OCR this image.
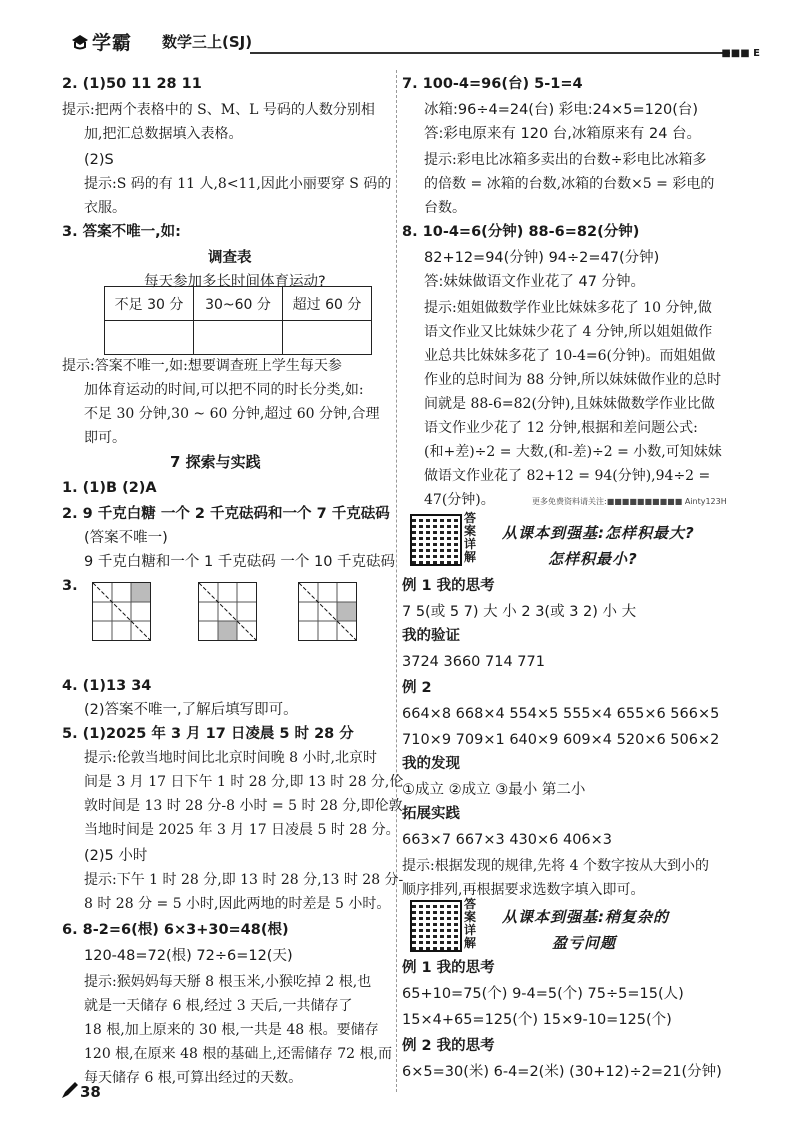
学霸 数学三上(SJ)
■■■ E
2. (1)50 11 28 11
提示:把两个表格中的 S、M、L 号码的人数分别相
加,把汇总数据填入表格。
(2)S
提示:S 码的有 11 人,8<11,因此小丽要穿 S 码的
衣服。
3. 答案不唯一,如:
调查表
每天参加多长时间体育运动?
不足 30 分	30~60 分	超过 60 分

提示:答案不唯一,如:想要调查班上学生每天参
加体育运动的时间,可以把不同的时长分类,如:
不足 30 分钟,30 ~ 60 分钟,超过 60 分钟,合理
即可。
7 探索与实践
1. (1)B (2)A
2. 9 千克白糖 一个 2 千克砝码和一个 7 千克砝码
(答案不唯一)
9 千克白糖和一个 1 千克砝码 一个 10 千克砝码
3.
4. (1)13 34
(2)答案不唯一,了解后填写即可。
5. (1)2025 年 3 月 17 日凌晨 5 时 28 分
提示:伦敦当地时间比北京时间晚 8 小时,北京时
间是 3 月 17 日下午 1 时 28 分,即 13 时 28 分,伦
敦时间是 13 时 28 分-8 小时 = 5 时 28 分,即伦敦
当地时间是 2025 年 3 月 17 日凌晨 5 时 28 分。
(2)5 小时
提示:下午 1 时 28 分,即 13 时 28 分,13 时 28 分-
8 时 28 分 = 5 小时,因此两地的时差是 5 小时。
6. 8-2=6(根) 6×3+30=48(根)
120-48=72(根) 72÷6=12(天)
提示:猴妈妈每天掰 8 根玉米,小猴吃掉 2 根,也
就是一天储存 6 根,经过 3 天后,一共储存了
18 根,加上原来的 30 根,一共是 48 根。要储存
120 根,在原来 48 根的基础上,还需储存 72 根,而
每天储存 6 根,可算出经过的天数。
7. 100-4=96(台) 5-1=4
冰箱:96÷4=24(台) 彩电:24×5=120(台)
答:彩电原来有 120 台,冰箱原来有 24 台。
提示:彩电比冰箱多卖出的台数÷彩电比冰箱多
的倍数 = 冰箱的台数,冰箱的台数×5 = 彩电的
台数。
8. 10-4=6(分钟) 88-6=82(分钟)
82+12=94(分钟) 94÷2=47(分钟)
答:妹妹做语文作业花了 47 分钟。
提示:姐姐做数学作业比妹妹多花了 10 分钟,做
语文作业又比妹妹少花了 4 分钟,所以姐姐做作
业总共比妹妹多花了 10-4=6(分钟)。而姐姐做
作业的总时间为 88 分钟,所以妹妹做作业的总时
间就是 88-6=82(分钟),且妹妹做数学作业比做
语文作业少花了 12 分钟,根据和差问题公式:
(和+差)÷2 = 大数,(和-差)÷2 = 小数,可知妹妹
做语文作业花了 82+12 = 94(分钟),94÷2 =
47(分钟)。	更多免费资料请关注:■■■■■■■■■■ Ainty123H
答案详解
从课本到强基:怎样积最大?
怎样积最小?
例 1 我的思考
7 5(或 5 7) 大 小 2 3(或 3 2) 小 大
我的验证
3724 3660 714 771
例 2
664×8 668×4 554×5 555×4 655×6 566×5
710×9 709×1 640×9 609×4 520×6 506×2
我的发现
①成立 ②成立 ③最小 第二小
拓展实践
663×7 667×3 430×6 406×3
提示:根据发现的规律,先将 4 个数字按从大到小的
顺序排列,再根据要求选数字填入即可。
答案详解
从课本到强基:稍复杂的
盈亏问题
例 1 我的思考
65+10=75(个) 9-4=5(个) 75÷5=15(人)
15×4+65=125(个) 15×9-10=125(个)
例 2 我的思考
6×5=30(米) 6-4=2(米) (30+12)÷2=21(分钟)
38
